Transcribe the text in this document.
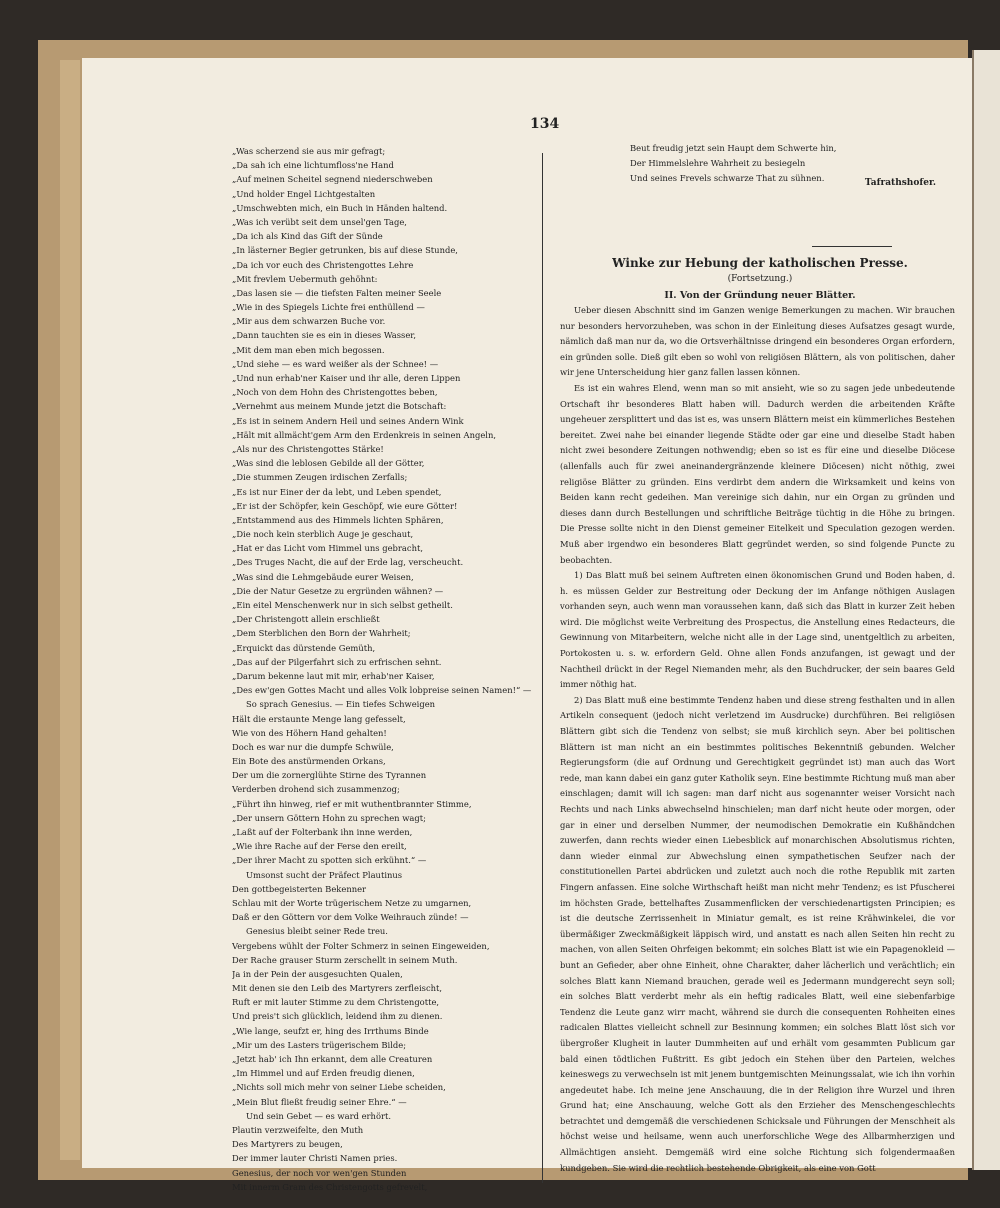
134
„Was scherzend sie aus mir gefragt;
„Da sah ich eine lichtumfloss'ne Hand
„Auf meinen Scheitel segnend niederschweben
„Und holder Engel Lichtgestalten
„Umschwebten mich, ein Buch in Händen haltend.
„Was ich verübt seit dem unsel'gen Tage,
„Da ich als Kind das Gift der Sünde
„In lästerner Begier getrunken, bis auf diese Stunde,
„Da ich vor euch des Christengottes Lehre
„Mit frevlem Uebermuth gehöhnt:
„Das lasen sie — die tiefsten Falten meiner Seele
„Wie in des Spiegels Lichte frei enthüllend —
„Mir aus dem schwarzen Buche vor.
„Dann tauchten sie es ein in dieses Wasser,
„Mit dem man eben mich begossen.
„Und siehe — es ward weißer als der Schnee! —
„Und nun erhab'ner Kaiser und ihr alle, deren Lippen
„Noch von dem Hohn des Christengottes beben,
„Vernehmt aus meinem Munde jetzt die Botschaft:
„Es ist in seinem Andern Heil und seines Andern Wink
„Hält mit allmächt'gem Arm den Erdenkreis in seinen Angeln,
„Als nur des Christengottes Stärke!
„Was sind die leblosen Gebilde all der Götter,
„Die stummen Zeugen irdischen Zerfalls;
„Es ist nur Einer der da lebt, und Leben spendet,
„Er ist der Schöpfer, kein Geschöpf, wie eure Götter!
„Entstammend aus des Himmels lichten Sphären,
„Die noch kein sterblich Auge je geschaut,
„Hat er das Licht vom Himmel uns gebracht,
„Des Truges Nacht, die auf der Erde lag, verscheucht.
„Was sind die Lehmgebäude eurer Weisen,
„Die der Natur Gesetze zu ergründen wähnen? —
„Ein eitel Menschenwerk nur in sich selbst getheilt.
„Der Christengott allein erschließt
„Dem Sterblichen den Born der Wahrheit;
„Erquickt das dürstende Gemüth,
„Das auf der Pilgerfahrt sich zu erfrischen sehnt.
„Darum bekenne laut mit mir, erhab'ner Kaiser,
„Des ew'gen Gottes Macht und alles Volk lobpreise seinen Namen!“ —
So sprach Genesius. — Ein tiefes Schweigen
Hält die erstaunte Menge lang gefesselt,
Wie von des Höhern Hand gehalten!
Doch es war nur die dumpfe Schwüle,
Ein Bote des anstürmenden Orkans,
Der um die zornerglühte Stirne des Tyrannen
Verderben drohend sich zusammenzog;
„Führt ihn hinweg, rief er mit wuthentbrannter Stimme,
„Der unsern Göttern Hohn zu sprechen wagt;
„Laßt auf der Folterbank ihn inne werden,
„Wie ihre Rache auf der Ferse den ereilt,
„Der ihrer Macht zu spotten sich erkühnt.“ —
Umsonst sucht der Präfect Plautinus
Den gottbegeisterten Bekenner
Schlau mit der Worte trügerischem Netze zu umgarnen,
Daß er den Göttern vor dem Volke Weihrauch zünde! —
Genesius bleibt seiner Rede treu.
Vergebens wühlt der Folter Schmerz in seinen Eingeweiden,
Der Rache grauser Sturm zerschellt in seinem Muth.
Ja in der Pein der ausgesuchten Qualen,
Mit denen sie den Leib des Martyrers zerfleischt,
Ruft er mit lauter Stimme zu dem Christengotte,
Und preis't sich glücklich, leidend ihm zu dienen.
„Wie lange, seufzt er, hing des Irrthums Binde
„Mir um des Lasters trügerischem Bilde;
„Jetzt hab' ich Ihn erkannt, dem alle Creaturen
„Im Himmel und auf Erden freudig dienen,
„Nichts soll mich mehr von seiner Liebe scheiden,
„Mein Blut fließt freudig seiner Ehre.“ —
Und sein Gebet — es ward erhört.
Plautin verzweifelte, den Muth
Des Martyrers zu beugen,
Der immer lauter Christi Namen pries.
Genesius, der noch vor wen'gen Stunden
Mit innerm Gram des Christengotts gefrevelt,
Beut freudig jetzt sein Haupt dem Schwerte hin,
Der Himmelslehre Wahrheit zu besiegeln
Und seines Frevels schwarze That zu sühnen.	Tafrathshofer.
Winke zur Hebung der katholischen Presse.
(Fortsetzung.)
II. Von der Gründung neuer Blätter.

Ueber diesen Abschnitt sind im Ganzen wenige Bemerkungen zu machen. Wir brauchen nur besonders hervorzuheben, was schon in der Einleitung dieses Aufsatzes gesagt wurde, nämlich daß man nur da, wo die Ortsverhältnisse dringend ein besonderes Organ erfordern, ein gründen solle. Dieß gilt eben so wohl von religiösen Blättern, als von politischen, daher wir jene Unterscheidung hier ganz fallen lassen können.

Es ist ein wahres Elend, wenn man so mit ansieht, wie so zu sagen jede unbedeutende Ortschaft ihr besonderes Blatt haben will. Dadurch werden die arbeitenden Kräfte ungeheuer zersplittert und das ist es, was unsern Blättern meist ein kümmerliches Bestehen bereitet. Zwei nahe bei einander liegende Städte oder gar eine und dieselbe Stadt haben nicht zwei besondere Zeitungen nothwendig; eben so ist es für eine und dieselbe Diöcese (allenfalls auch für zwei aneinandergränzende kleinere Diöcesen) nicht nöthig, zwei religiöse Blätter zu gründen. Eins verdirbt dem andern die Wirksamkeit und keins von Beiden kann recht gedeihen. Man vereinige sich dahin, nur ein Organ zu gründen und dieses dann durch Bestellungen und schriftliche Beiträge tüchtig in die Höhe zu bringen. Die Presse sollte nicht in den Dienst gemeiner Eitelkeit und Speculation gezogen werden. Muß aber irgendwo ein besonderes Blatt gegründet werden, so sind folgende Puncte zu beobachten.

1) Das Blatt muß bei seinem Auftreten einen ökonomischen Grund und Boden haben, d. h. es müssen Gelder zur Bestreitung oder Deckung der im Anfange nöthigen Auslagen vorhanden seyn, auch wenn man voraussehen kann, daß sich das Blatt in kurzer Zeit heben wird. Die möglichst weite Verbreitung des Prospectus, die Anstellung eines Redacteurs, die Gewinnung von Mitarbeitern, welche nicht alle in der Lage sind, unentgeltlich zu arbeiten, Portokosten u. s. w. erfordern Geld. Ohne allen Fonds anzufangen, ist gewagt und der Nachtheil drückt in der Regel Niemanden mehr, als den Buchdrucker, der sein baares Geld immer nöthig hat.

2) Das Blatt muß eine bestimmte Tendenz haben und diese streng festhalten und in allen Artikeln consequent (jedoch nicht verletzend im Ausdrucke) durchführen. Bei religiösen Blättern gibt sich die Tendenz von selbst; sie muß kirchlich seyn. Aber bei politischen Blättern ist man nicht an ein bestimmtes politisches Bekenntniß gebunden. Welcher Regierungsform (die auf Ordnung und Gerechtigkeit gegründet ist) man auch das Wort rede, man kann dabei ein ganz guter Katholik seyn. Eine bestimmte Richtung muß man aber einschlagen; damit will ich sagen: man darf nicht aus sogenannter weiser Vorsicht nach Rechts und nach Links abwechselnd hinschielen; man darf nicht heute oder morgen, oder gar in einer und derselben Nummer, der neumodischen Demokratie ein Kußhändchen zuwerfen, dann rechts wieder einen Liebesblick auf monarchischen Absolutismus richten, dann wieder einmal zur Abwechslung einen sympathetischen Seufzer nach der constitutionellen Partei abdrücken und zuletzt auch noch die rothe Republik mit zarten Fingern anfassen. Eine solche Wirthschaft heißt man nicht mehr Tendenz; es ist Pfuscherei im höchsten Grade, bettelhaftes Zusammenflicken der verschiedenartigsten Principien; es ist die deutsche Zerrissenheit in Miniatur gemalt, es ist reine Krähwinkelei, die vor übermäßiger Zweckmäßigkeit läppisch wird, und anstatt es nach allen Seiten hin recht zu machen, von allen Seiten Ohrfeigen bekommt; ein solches Blatt ist wie ein Papagenokleid — bunt an Gefieder, aber ohne Einheit, ohne Charakter, daher lächerlich und verächtlich; ein solches Blatt kann Niemand brauchen, gerade weil es Jedermann mundgerecht seyn soll; ein solches Blatt verderbt mehr als ein heftig radicales Blatt, weil eine siebenfarbige Tendenz die Leute ganz wirr macht, während sie durch die consequenten Rohheiten eines radicalen Blattes vielleicht schnell zur Besinnung kommen; ein solches Blatt löst sich vor übergroßer Klugheit in lauter Dummheiten auf und erhält vom gesammten Publicum gar bald einen tödtlichen Fußtritt. Es gibt jedoch ein Stehen über den Parteien, welches keineswegs zu verwechseln ist mit jenem buntgemischten Meinungssalat, wie ich ihn vorhin angedeutet habe. Ich meine jene Anschauung, die in der Religion ihre Wurzel und ihren Grund hat; eine Anschauung, welche Gott als den Erzieher des Menschengeschlechts betrachtet und demgemäß die verschiedenen Schicksale und Führungen der Menschheit als höchst weise und heilsame, wenn auch unerforschliche Wege des Allbarmherzigen und Allmächtigen ansieht. Demgemäß wird eine solche Richtung sich folgendermaaßen kundgeben. Sie wird die rechtlich bestehende Obrigkeit, als eine von Gott
